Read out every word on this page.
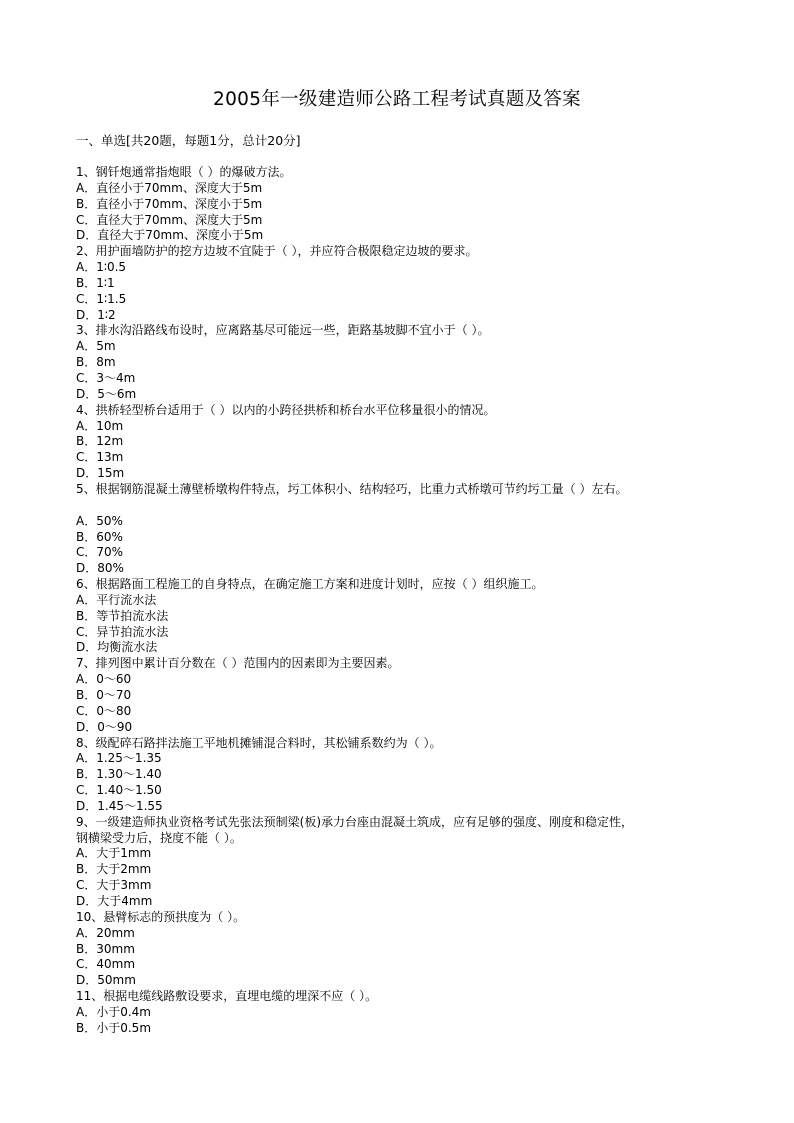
2005年一级建造师公路工程考试真题及答案
一、单选[共20题，每题1分，总计20分]
1、钢钎炮通常指炮眼（ ）的爆破方法。
A．直径小于70mm、深度大于5m
B．直径小于70mm、深度小于5m
C．直径大于70mm、深度大于5m
D．直径大于70mm、深度小于5m
2、用护面墙防护的挖方边坡不宜陡于（ ），并应符合极限稳定边坡的要求。
A．1∶0.5
B．1∶1
C．1∶1.5
D．1∶2
3、排水沟沿路线布设时，应离路基尽可能远一些，距路基坡脚不宜小于（ ）。
A．5m
B．8m
C．3～4m
D．5～6m
4、拱桥轻型桥台适用于（ ）以内的小跨径拱桥和桥台水平位移量很小的情况。
A．10m
B．12m
C．13m
D．15m
5、根据钢筋混凝土薄壁桥墩构件特点，圬工体积小、结构轻巧，比重力式桥墩可节约圬工量（ ）左右。
A．50%
B．60%
C．70%
D．80%
6、根据路面工程施工的自身特点，在确定施工方案和进度计划时，应按（ ）组织施工。
A．平行流水法
B．等节拍流水法
C．异节拍流水法
D．均衡流水法
7、排列图中累计百分数在（ ）范围内的因素即为主要因素。
A．0～60
B．0～70
C．0～80
D．0～90
8、级配碎石路拌法施工平地机摊铺混合料时，其松铺系数约为（ ）。
A．1.25～1.35
B．1.30～1.40
C．1.40～1.50
D．1.45～1.55
9、一级建造师执业资格考试先张法预制梁(板)承力台座由混凝土筑成，应有足够的强度、刚度和稳定性，
钢横梁受力后，挠度不能（ ）。
A．大于1mm
B．大于2mm
C．大于3mm
D．大于4mm
10、悬臂标志的预拱度为（ ）。
A．20mm
B．30mm
C．40mm
D．50mm
11、根据电缆线路敷设要求，直埋电缆的埋深不应（ ）。
A．小于0.4m
B．小于0.5m
